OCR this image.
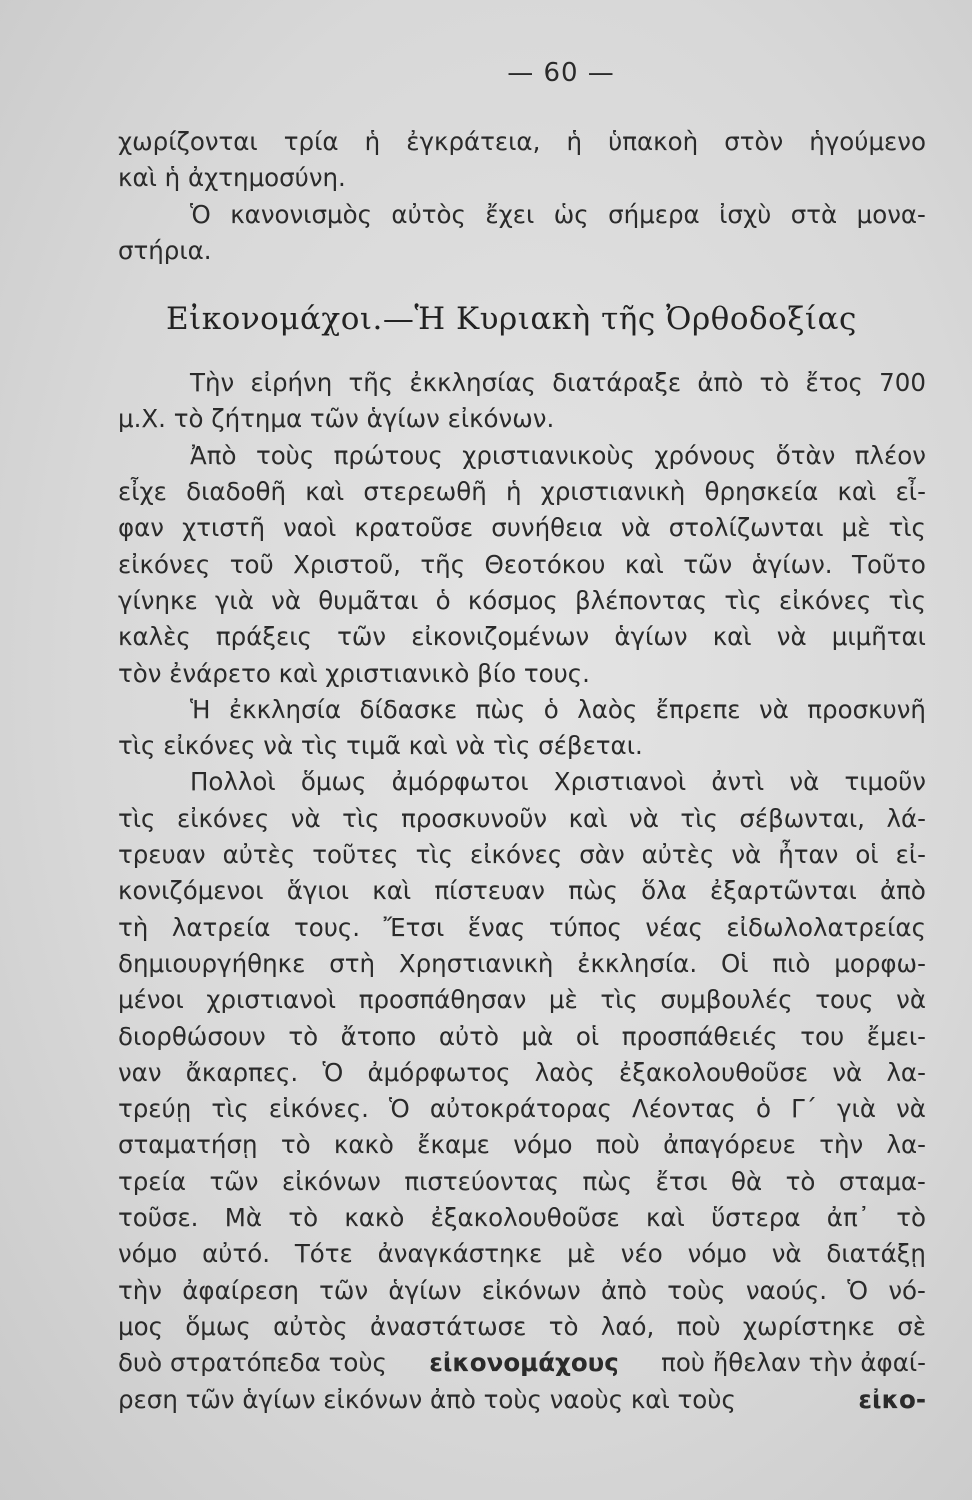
— 60 —
χωρίζονται τρία ἡ ἐγκράτεια, ἡ ὑπακοὴ στὸν ἡγούμενο
καὶ ἡ ἀχτημοσύνη.
Ὁ κανονισμὸς αὐτὸς ἔχει ὡς σήμερα ἰσχὺ στὰ μονα-
στήρια.
Εἰκονομάχοι.—Ἡ Κυριακὴ τῆς Ὀρθοδοξίας
Τὴν εἰρήνη τῆς ἐκκλησίας διατάραξε ἀπὸ τὸ ἔτος 700
μ.Χ. τὸ ζήτημα τῶν ἁγίων εἰκόνων.
Ἀπὸ τοὺς πρώτους χριστιανικοὺς χρόνους ὅτὰν πλέον
εἶχε διαδοθῆ καὶ στερεωθῆ ἡ χριστιανικὴ θρησκεία καὶ εἶ-
φαν χτιστῆ ναοὶ κρατοῦσε συνήθεια νὰ στολίζωνται μὲ τὶς
εἰκόνες τοῦ Χριστοῦ, τῆς Θεοτόκου καὶ τῶν ἁγίων. Τοῦτο
γίνηκε γιὰ νὰ θυμᾶται ὁ κόσμος βλέποντας τὶς εἰκόνες τὶς
καλὲς πράξεις τῶν εἰκονιζομένων ἁγίων καὶ νὰ μιμῆται
τὸν ἐνάρετο καὶ χριστιανικὸ βίο τους.
Ἡ ἐκκλησία δίδασκε πὼς ὁ λαὸς ἔπρεπε νὰ προσκυνῆ
τὶς εἰκόνες νὰ τὶς τιμᾶ καὶ νὰ τὶς σέβεται.
Πολλοὶ ὅμως ἀμόρφωτοι Χριστιανοὶ ἀντὶ νὰ τιμοῦν
τὶς εἰκόνες νὰ τὶς προσκυνοῦν καὶ νὰ τὶς σέβωνται, λά-
τρευαν αὐτὲς τοῦτες τὶς εἰκόνες σὰν αὐτὲς νὰ ἦταν οἱ εἰ-
κονιζόμενοι ἅγιοι καὶ πίστευαν πὼς ὅλα ἐξαρτῶνται ἀπὸ
τὴ λατρεία τους. Ἔτσι ἕνας τύπος νέας εἰδωλολατρείας
δημιουργήθηκε στὴ Χρηστιανικὴ ἐκκλησία. Οἱ πιὸ μορφω-
μένοι χριστιανοὶ προσπάθησαν μὲ τὶς συμβουλές τους νὰ
διορθώσουν τὸ ἄτοπο αὐτὸ μὰ οἱ προσπάθειές του ἔμει-
ναν ἄκαρπες. Ὁ ἀμόρφωτος λαὸς ἐξακολουθοῦσε νὰ λα-
τρεύῃ τὶς εἰκόνες. Ὁ αὐτοκράτορας Λέοντας ὁ Γ΄ γιὰ νὰ
σταματήσῃ τὸ κακὸ ἔκαμε νόμο ποὺ ἀπαγόρευε τὴν λα-
τρεία τῶν εἰκόνων πιστεύοντας πὼς ἔτσι θὰ τὸ σταμα-
τοῦσε. Μὰ τὸ κακὸ ἐξακολουθοῦσε καὶ ὕστερα ἀπ᾽ τὸ
νόμο αὐτό. Τότε ἀναγκάστηκε μὲ νέο νόμο νὰ διατάξῃ
τὴν ἀφαίρεση τῶν ἁγίων εἰκόνων ἀπὸ τοὺς ναούς. Ὁ νό-
μος ὅμως αὐτὸς ἀναστάτωσε τὸ λαό, ποὺ χωρίστηκε σὲ
δυὸ στρατόπεδα τοὺς εἰκονομάχους ποὺ ἤθελαν τὴν ἀφαί-
ρεση τῶν ἁγίων εἰκόνων ἀπὸ τοὺς ναοὺς καὶ τοὺς	εἰκο-
